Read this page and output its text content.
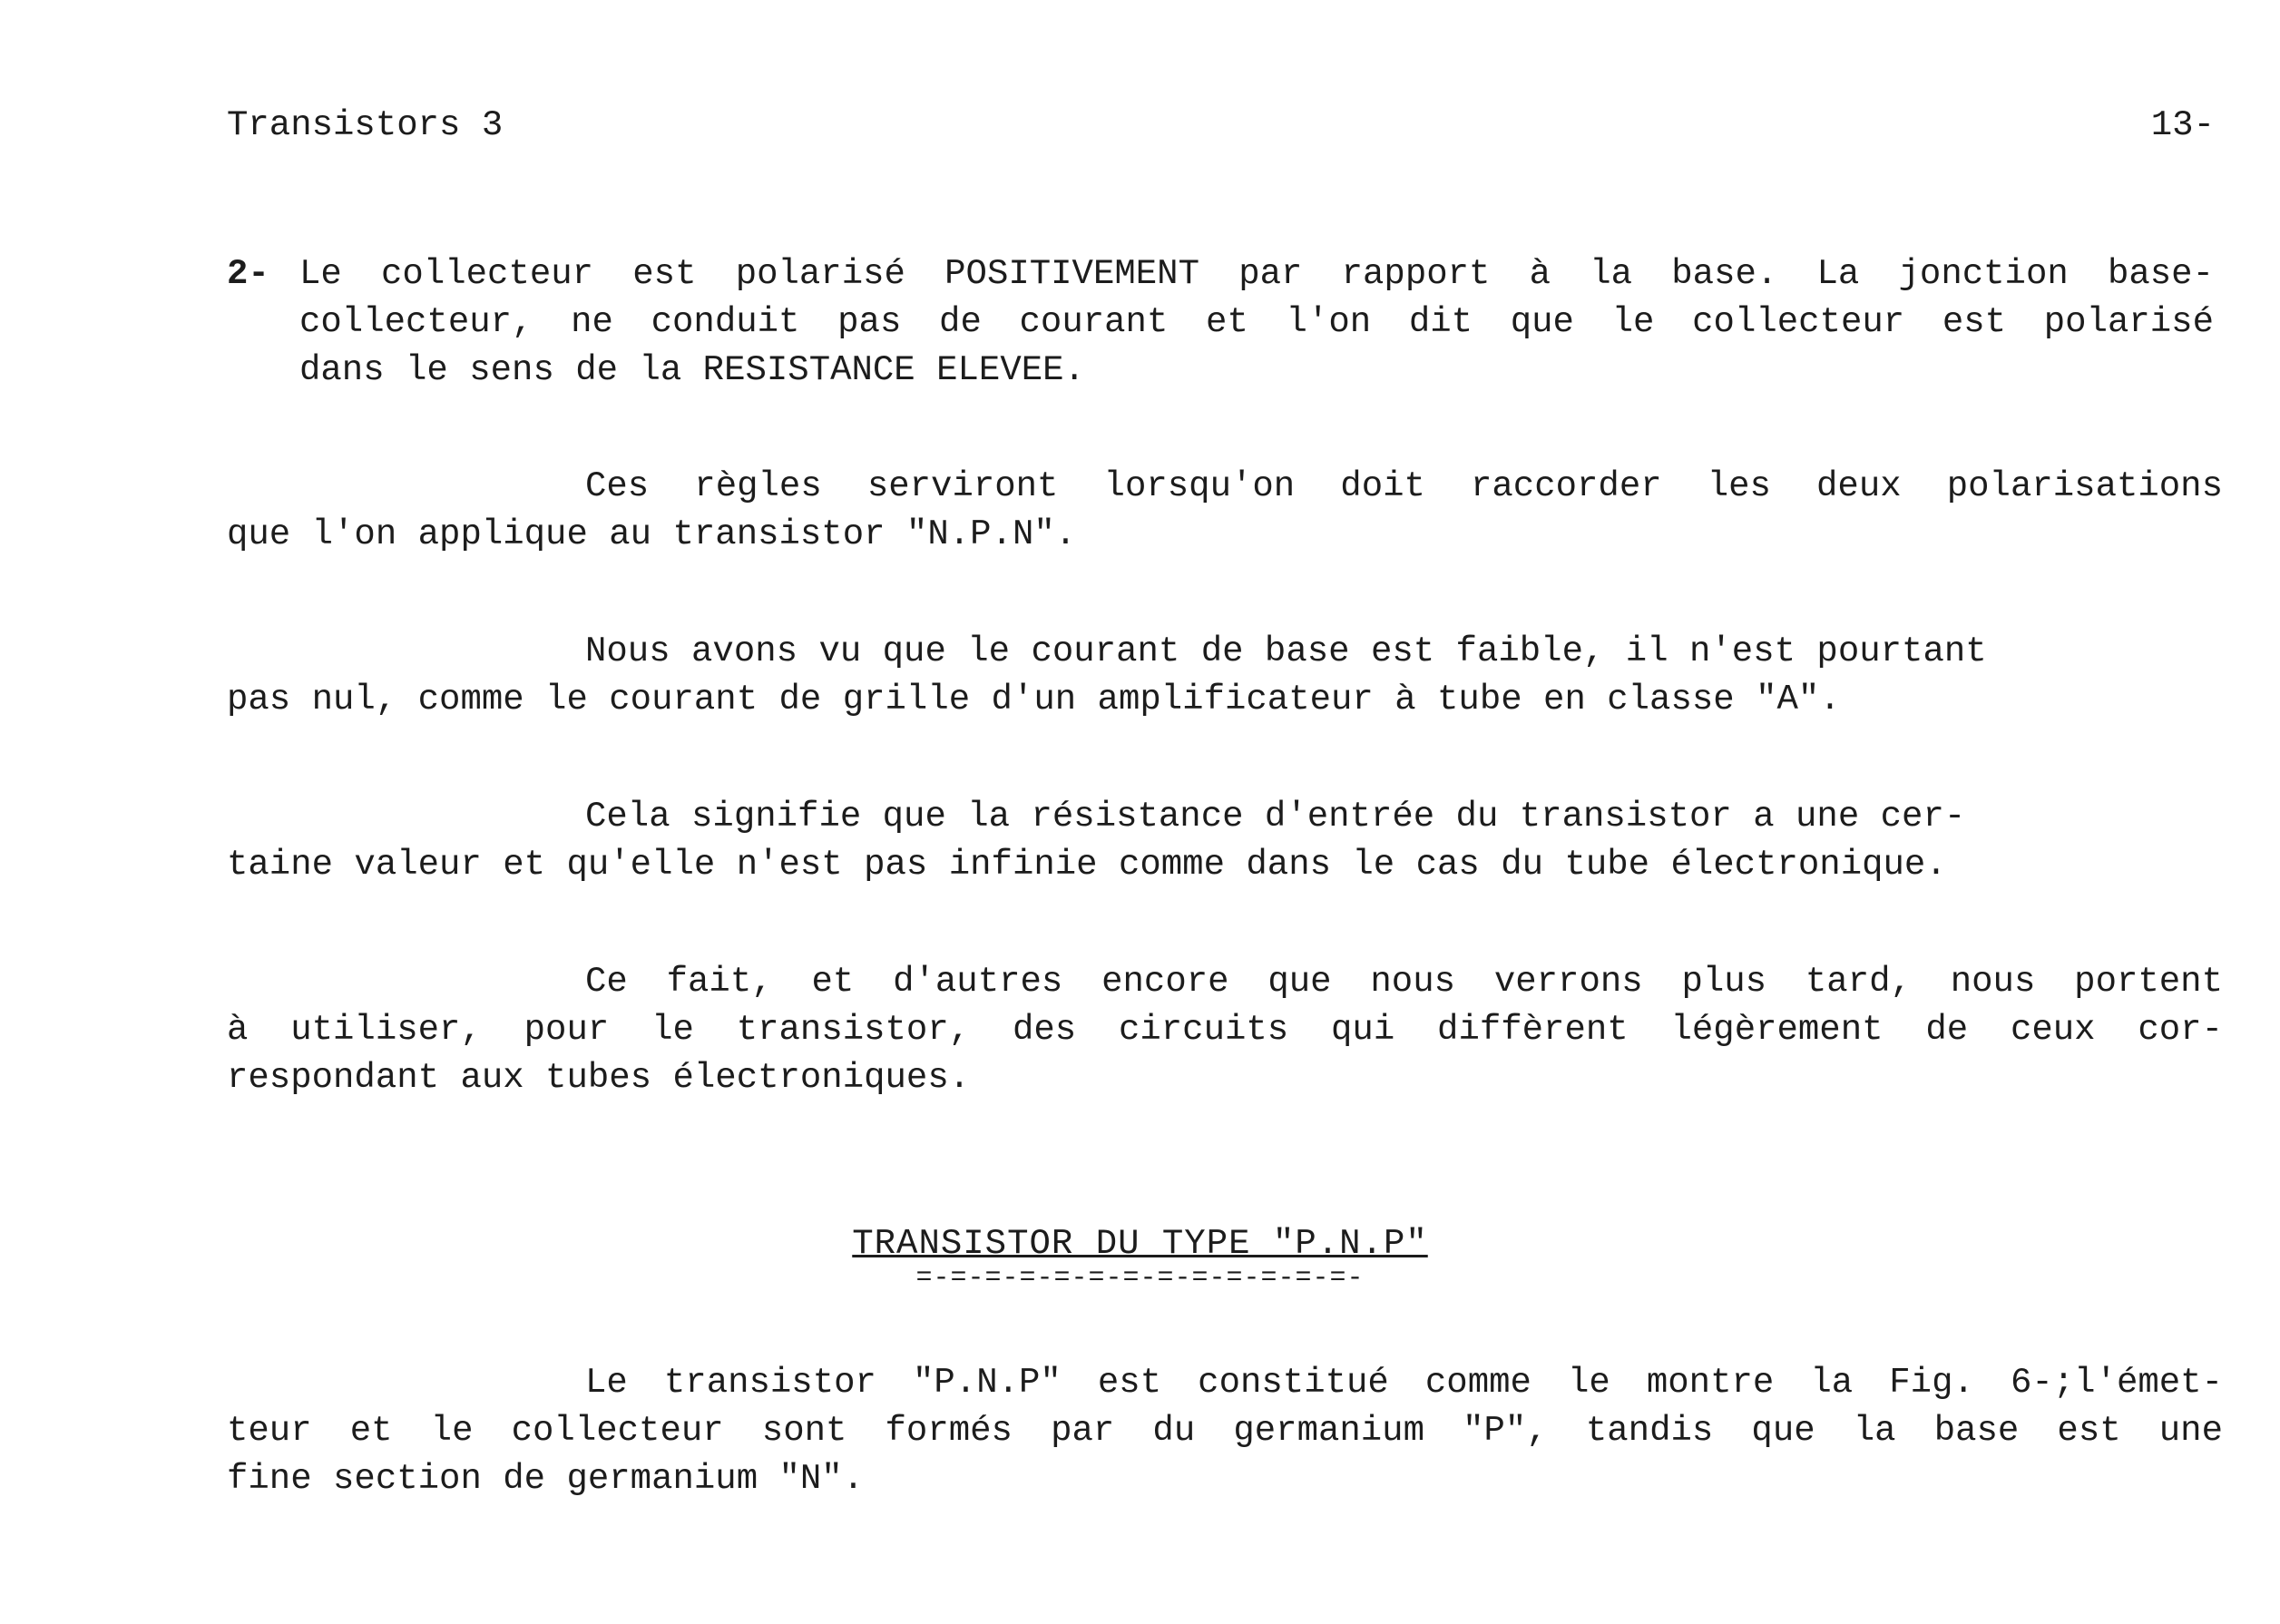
Transistors 3	13-
2- Le collecteur est polarisé POSITIVEMENT par rapport à la base. La jonction base-
collecteur, ne conduit pas de courant et l'on dit que le collecteur est polarisé
dans le sens de la RESISTANCE ELEVEE.
Ces règles serviront lorsqu'on doit raccorder les deux polarisations
que l'on applique au transistor "N.P.N".
Nous avons vu que le courant de base est faible, il n'est pourtant
pas nul, comme le courant de grille d'un amplificateur à tube en classe "A".
Cela signifie que la résistance d'entrée du transistor a une cer-
taine valeur et qu'elle n'est pas infinie comme dans le cas du tube électronique.
Ce fait, et d'autres encore que nous verrons plus tard, nous portent
à utiliser, pour le transistor, des circuits qui diffèrent légèrement de ceux cor-
respondant aux tubes électroniques.
TRANSISTOR DU TYPE "P.N.P"
=-=-=-=-=-=-=-=-=-=-=-=-=-
Le transistor "P.N.P" est constitué comme le montre la Fig. 6-;l'émet-
teur et le collecteur sont formés par du germanium "P", tandis que la base est une
fine section de germanium "N".
